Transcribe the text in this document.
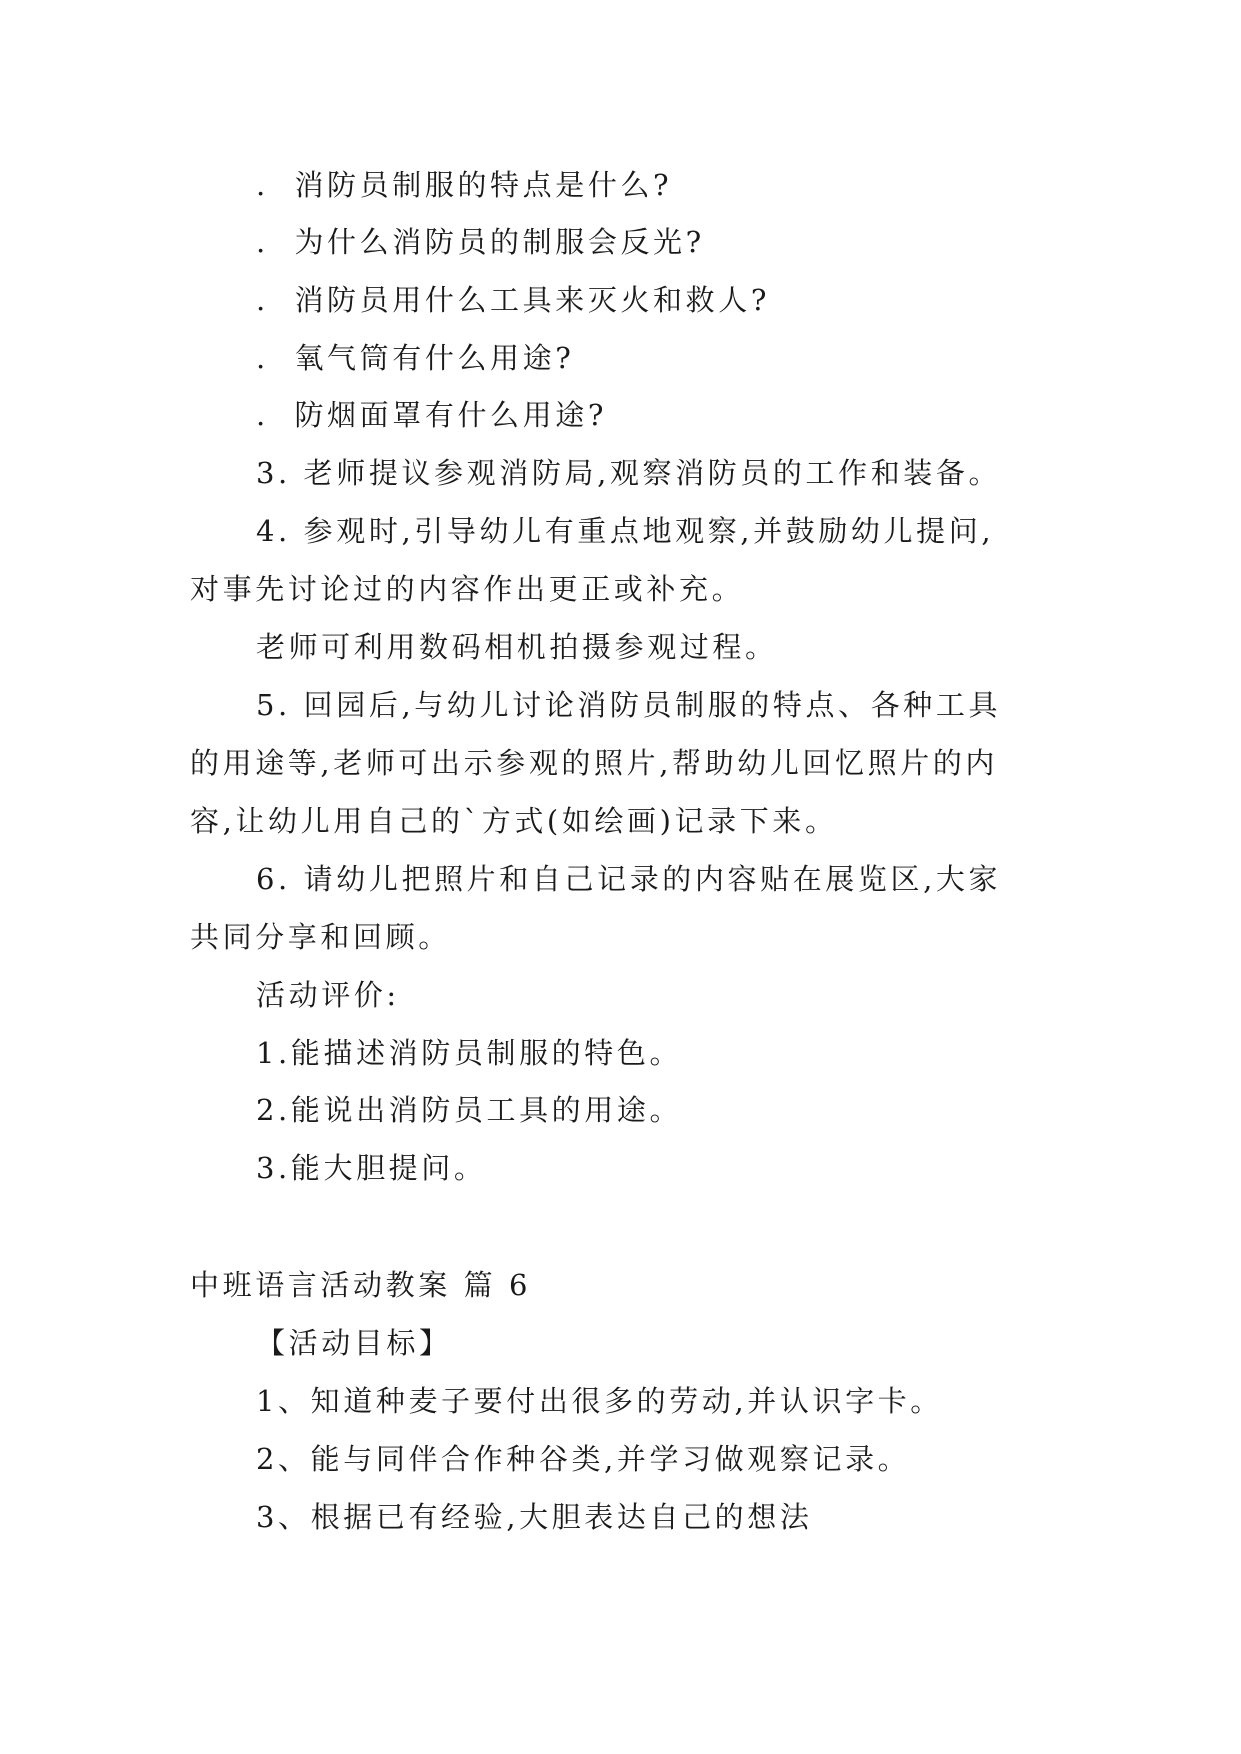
.  消防员制服的特点是什么?
.  为什么消防员的制服会反光?
.  消防员用什么工具来灭火和救人?
.  氧气筒有什么用途?
.  防烟面罩有什么用途?
3. 老师提议参观消防局,观察消防员的工作和装备。
4. 参观时,引导幼儿有重点地观察,并鼓励幼儿提问,
对事先讨论过的内容作出更正或补充。
老师可利用数码相机拍摄参观过程。
5. 回园后,与幼儿讨论消防员制服的特点、各种工具
的用途等,老师可出示参观的照片,帮助幼儿回忆照片的内
容,让幼儿用自己的`方式(如绘画)记录下来。
6. 请幼儿把照片和自己记录的内容贴在展览区,大家
共同分享和回顾。
活动评价:
1.能描述消防员制服的特色。
2.能说出消防员工具的用途。
3.能大胆提问。
中班语言活动教案 篇 6
【活动目标】
1、知道种麦子要付出很多的劳动,并认识字卡。
2、能与同伴合作种谷类,并学习做观察记录。
3、根据已有经验,大胆表达自己的想法
